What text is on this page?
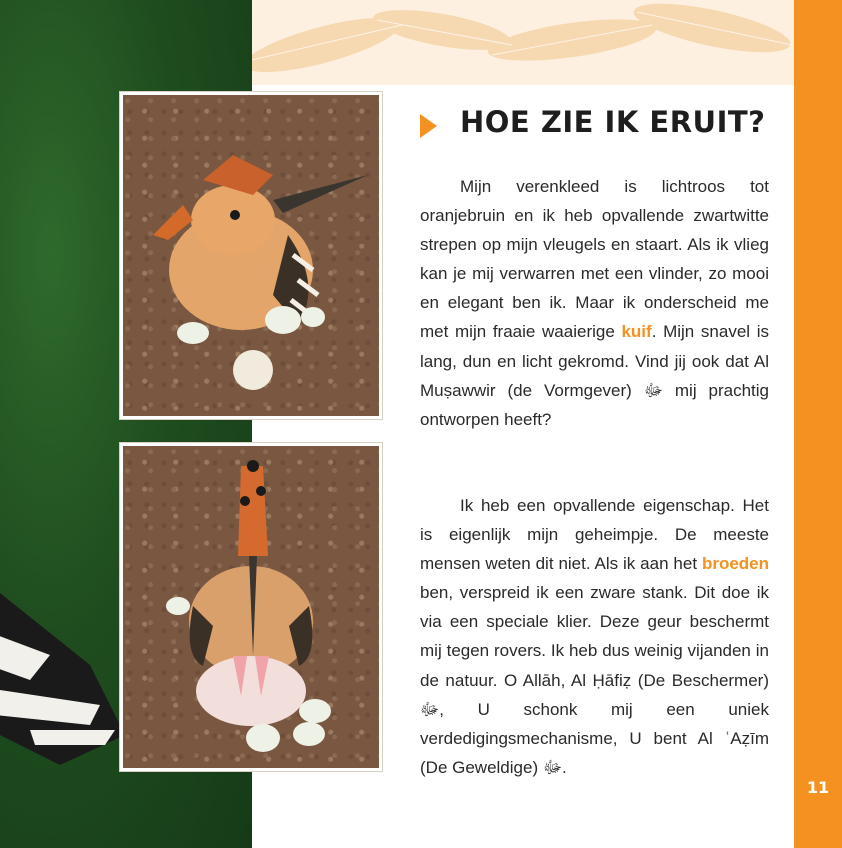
HOE ZIE IK ERUIT?

Mijn verenkleed is lichtroos tot oranjebruin en ik heb opvallende zwartwitte strepen op mijn vleugels en staart. Als ik vlieg kan je mij verwarren met een vlinder, zo mooi en elegant ben ik. Maar ik onderscheid me met mijn fraaie waaierige kuif. Mijn snavel is lang, dun en licht gekromd. Vind jij ook dat Al Muṣawwir (de Vormgever) ﷻ mij prachtig ontworpen heeft?

Ik heb een opvallende eigenschap. Het is eigenlijk mijn geheimpje. De meeste mensen weten dit niet. Als ik aan het broeden ben, verspreid ik een zware stank. Dit doe ik via een speciale klier. Deze geur beschermt mij tegen rovers. Ik heb dus weinig vijanden in de natuur. O Allāh, Al Ḥāfiẓ (De Beschermer) ﷻ, U schonk mij een uniek verdedigingsmechanisme, U bent Al ʿAẓīm (De Geweldige) ﷻ.

11
